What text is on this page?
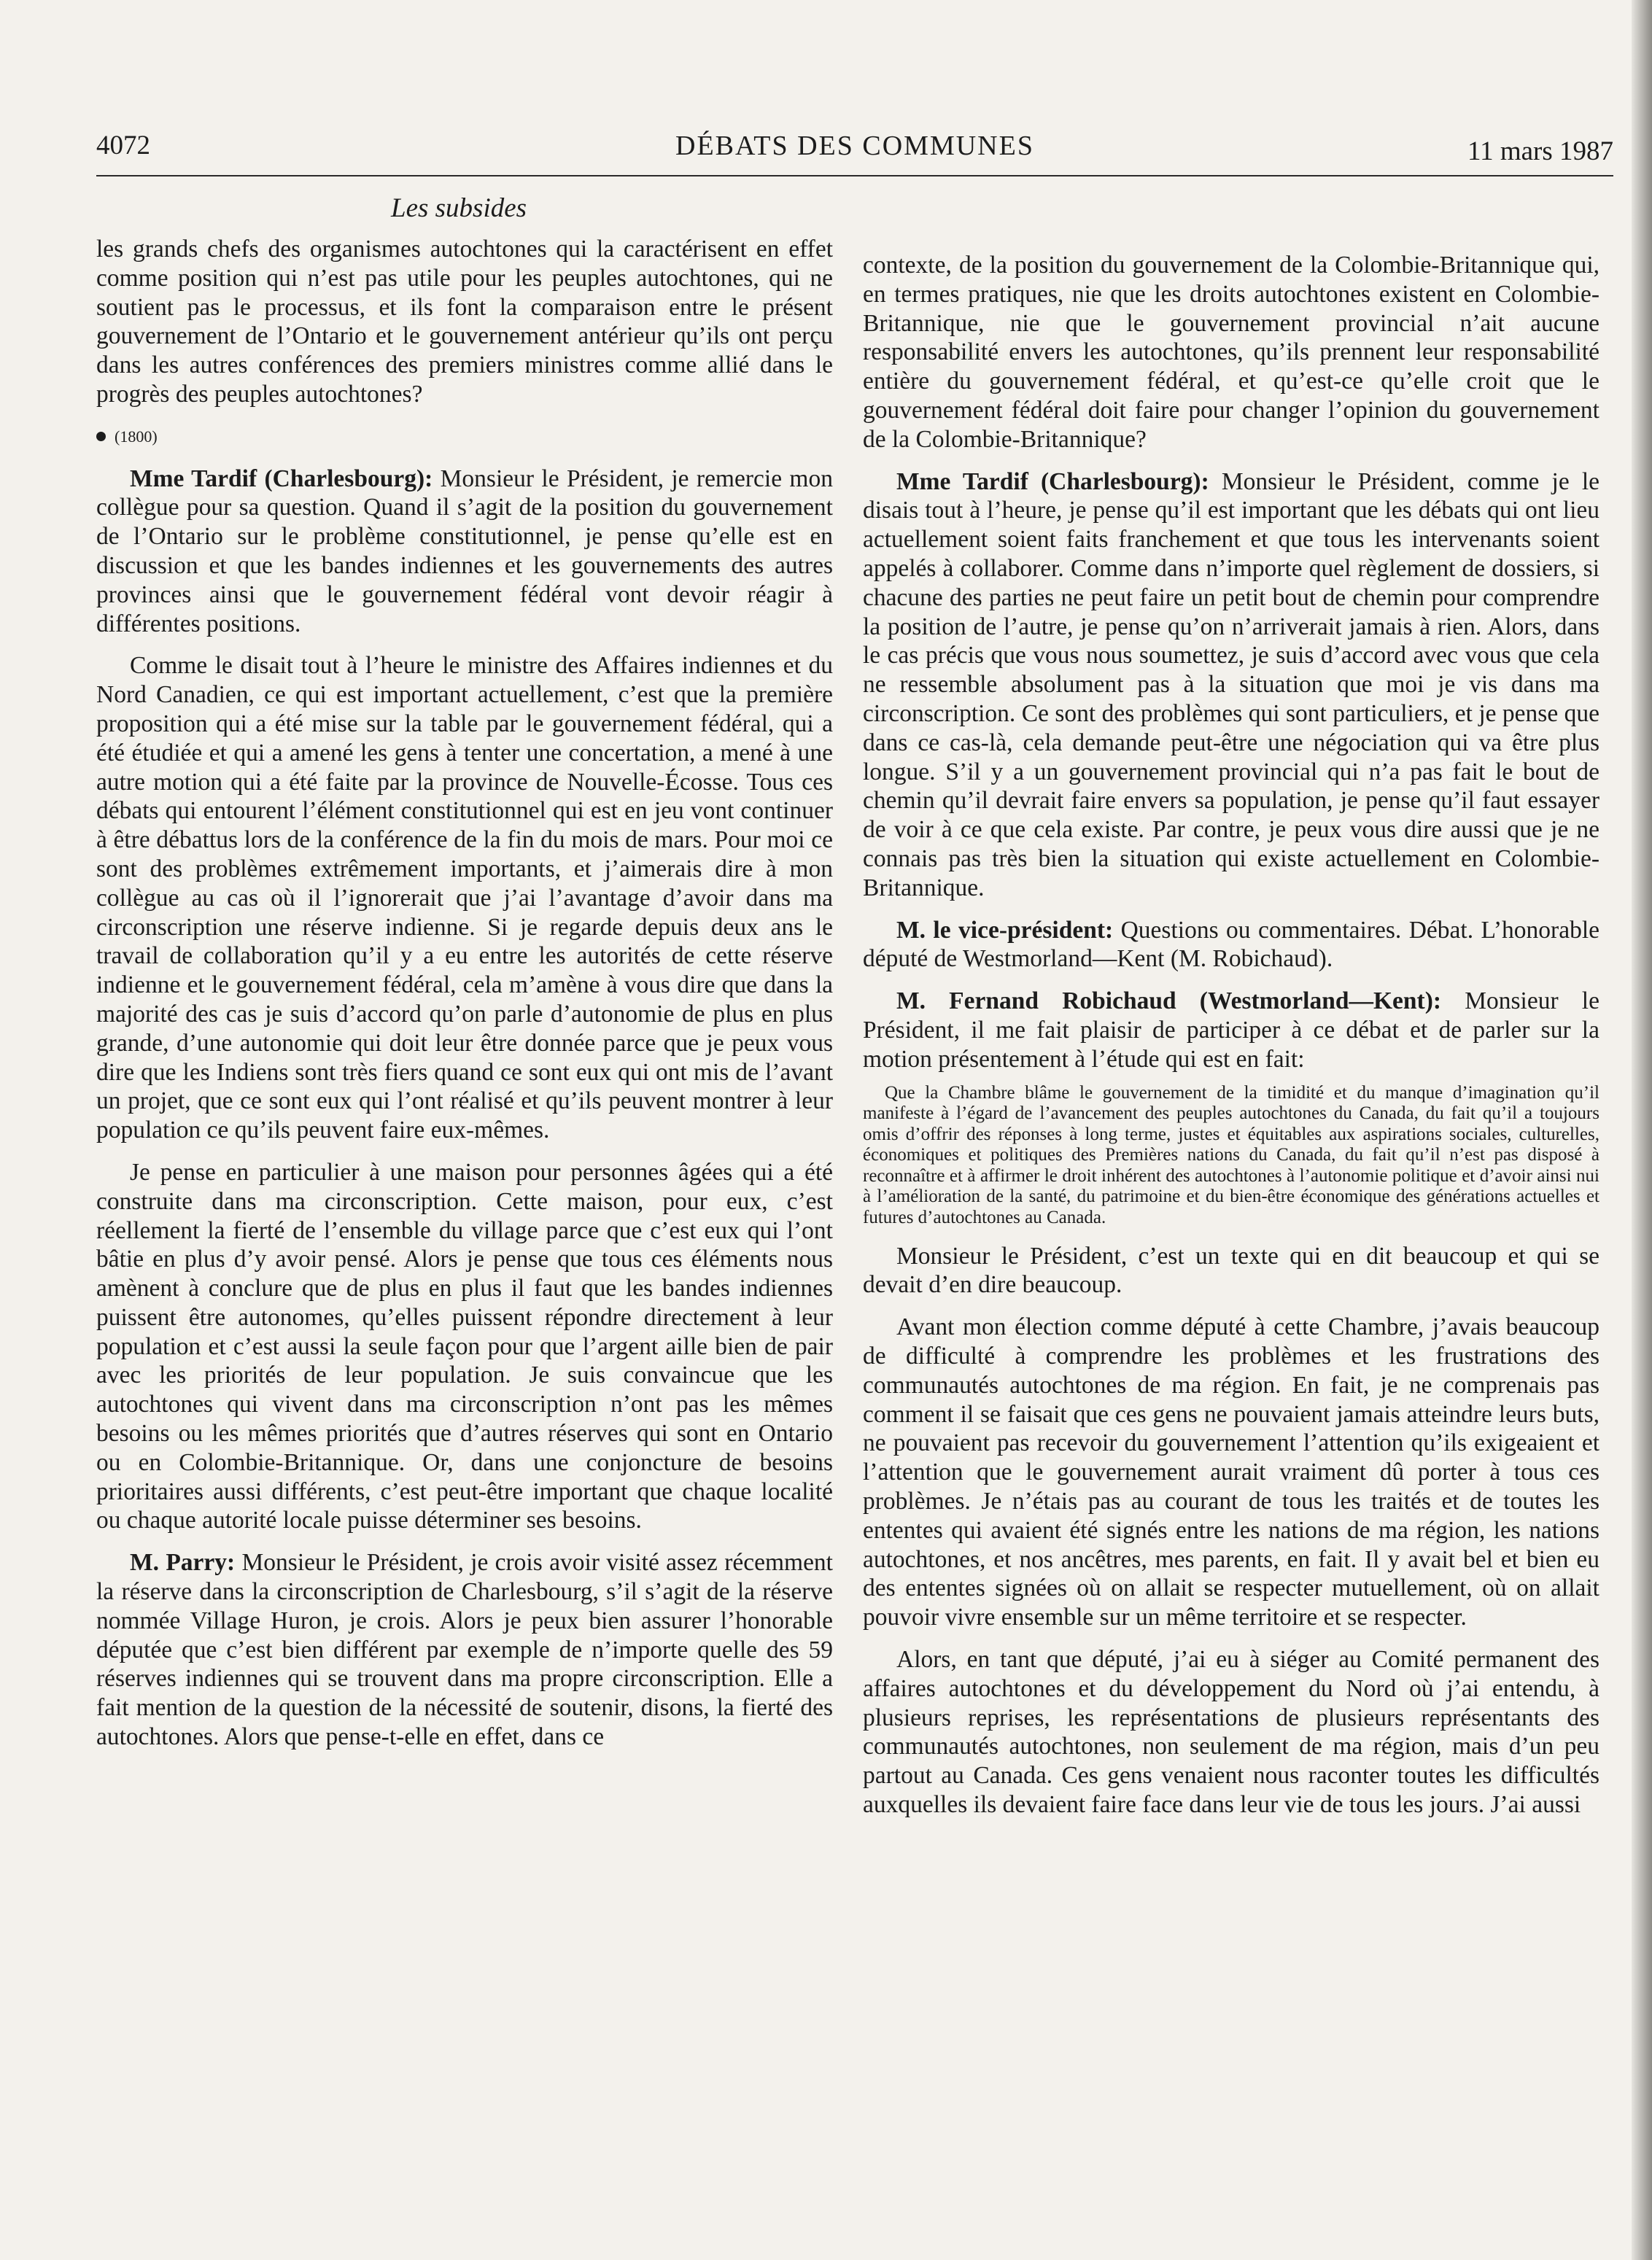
4072	DÉBATS DES COMMUNES	11 mars 1987
Les subsides

les grands chefs des organismes autochtones qui la caractérisent en effet comme position qui n’est pas utile pour les peuples autochtones, qui ne soutient pas le processus, et ils font la comparaison entre le présent gouvernement de l’Ontario et le gouvernement antérieur qu’ils ont perçu dans les autres conférences des premiers ministres comme allié dans le progrès des peuples autochtones?

(1800)

Mme Tardif (Charlesbourg): Monsieur le Président, je remercie mon collègue pour sa question. Quand il s’agit de la position du gouvernement de l’Ontario sur le problème constitutionnel, je pense qu’elle est en discussion et que les bandes indiennes et les gouvernements des autres provinces ainsi que le gouvernement fédéral vont devoir réagir à différentes positions.

Comme le disait tout à l’heure le ministre des Affaires indiennes et du Nord Canadien, ce qui est important actuellement, c’est que la première proposition qui a été mise sur la table par le gouvernement fédéral, qui a été étudiée et qui a amené les gens à tenter une concertation, a mené à une autre motion qui a été faite par la province de Nouvelle-Écosse. Tous ces débats qui entourent l’élément constitutionnel qui est en jeu vont continuer à être débattus lors de la conférence de la fin du mois de mars. Pour moi ce sont des problèmes extrêmement importants, et j’aimerais dire à mon collègue au cas où il l’ignorerait que j’ai l’avantage d’avoir dans ma circonscription une réserve indienne. Si je regarde depuis deux ans le travail de collaboration qu’il y a eu entre les autorités de cette réserve indienne et le gouvernement fédéral, cela m’amène à vous dire que dans la majorité des cas je suis d’accord qu’on parle d’autonomie de plus en plus grande, d’une autonomie qui doit leur être donnée parce que je peux vous dire que les Indiens sont très fiers quand ce sont eux qui ont mis de l’avant un projet, que ce sont eux qui l’ont réalisé et qu’ils peuvent montrer à leur population ce qu’ils peuvent faire eux-mêmes.

Je pense en particulier à une maison pour personnes âgées qui a été construite dans ma circonscription. Cette maison, pour eux, c’est réellement la fierté de l’ensemble du village parce que c’est eux qui l’ont bâtie en plus d’y avoir pensé. Alors je pense que tous ces éléments nous amènent à conclure que de plus en plus il faut que les bandes indiennes puissent être autonomes, qu’elles puissent répondre directement à leur population et c’est aussi la seule façon pour que l’argent aille bien de pair avec les priorités de leur population. Je suis convaincue que les autochtones qui vivent dans ma circonscription n’ont pas les mêmes besoins ou les mêmes priorités que d’autres réserves qui sont en Ontario ou en Colombie-Britannique. Or, dans une conjoncture de besoins prioritaires aussi différents, c’est peut-être important que chaque localité ou chaque autorité locale puisse déterminer ses besoins.

M. Parry: Monsieur le Président, je crois avoir visité assez récemment la réserve dans la circonscription de Charlesbourg, s’il s’agit de la réserve nommée Village Huron, je crois. Alors je peux bien assurer l’honorable députée que c’est bien différent par exemple de n’importe quelle des 59 réserves indiennes qui se trouvent dans ma propre circonscription. Elle a fait mention de la question de la nécessité de soutenir, disons, la fierté des autochtones. Alors que pense-t-elle en effet, dans ce

contexte, de la position du gouvernement de la Colombie-Britannique qui, en termes pratiques, nie que les droits autochtones existent en Colombie-Britannique, nie que le gouvernement provincial n’ait aucune responsabilité envers les autochtones, qu’ils prennent leur responsabilité entière du gouvernement fédéral, et qu’est-ce qu’elle croit que le gouvernement fédéral doit faire pour changer l’opinion du gouvernement de la Colombie-Britannique?

Mme Tardif (Charlesbourg): Monsieur le Président, comme je le disais tout à l’heure, je pense qu’il est important que les débats qui ont lieu actuellement soient faits franchement et que tous les intervenants soient appelés à collaborer. Comme dans n’importe quel règlement de dossiers, si chacune des parties ne peut faire un petit bout de chemin pour comprendre la position de l’autre, je pense qu’on n’arriverait jamais à rien. Alors, dans le cas précis que vous nous soumettez, je suis d’accord avec vous que cela ne ressemble absolument pas à la situation que moi je vis dans ma circonscription. Ce sont des problèmes qui sont particuliers, et je pense que dans ce cas-là, cela demande peut-être une négociation qui va être plus longue. S’il y a un gouvernement provincial qui n’a pas fait le bout de chemin qu’il devrait faire envers sa population, je pense qu’il faut essayer de voir à ce que cela existe. Par contre, je peux vous dire aussi que je ne connais pas très bien la situation qui existe actuellement en Colombie-Britannique.

M. le vice-président: Questions ou commentaires. Débat. L’honorable député de Westmorland—Kent (M. Robichaud).

M. Fernand Robichaud (Westmorland—Kent): Monsieur le Président, il me fait plaisir de participer à ce débat et de parler sur la motion présentement à l’étude qui est en fait:

Que la Chambre blâme le gouvernement de la timidité et du manque d’imagination qu’il manifeste à l’égard de l’avancement des peuples autochtones du Canada, du fait qu’il a toujours omis d’offrir des réponses à long terme, justes et équitables aux aspirations sociales, culturelles, économiques et politiques des Premières nations du Canada, du fait qu’il n’est pas disposé à reconnaître et à affirmer le droit inhérent des autochtones à l’autonomie politique et d’avoir ainsi nui à l’amélioration de la santé, du patrimoine et du bien-être économique des générations actuelles et futures d’autochtones au Canada.

Monsieur le Président, c’est un texte qui en dit beaucoup et qui se devait d’en dire beaucoup.

Avant mon élection comme député à cette Chambre, j’avais beaucoup de difficulté à comprendre les problèmes et les frustrations des communautés autochtones de ma région. En fait, je ne comprenais pas comment il se faisait que ces gens ne pouvaient jamais atteindre leurs buts, ne pouvaient pas recevoir du gouvernement l’attention qu’ils exigeaient et l’attention que le gouvernement aurait vraiment dû porter à tous ces problèmes. Je n’étais pas au courant de tous les traités et de toutes les ententes qui avaient été signés entre les nations de ma région, les nations autochtones, et nos ancêtres, mes parents, en fait. Il y avait bel et bien eu des ententes signées où on allait se respecter mutuellement, où on allait pouvoir vivre ensemble sur un même territoire et se respecter.

Alors, en tant que député, j’ai eu à siéger au Comité permanent des affaires autochtones et du développement du Nord où j’ai entendu, à plusieurs reprises, les représentations de plusieurs représentants des communautés autochtones, non seulement de ma région, mais d’un peu partout au Canada. Ces gens venaient nous raconter toutes les difficultés auxquelles ils devaient faire face dans leur vie de tous les jours. J’ai aussi
